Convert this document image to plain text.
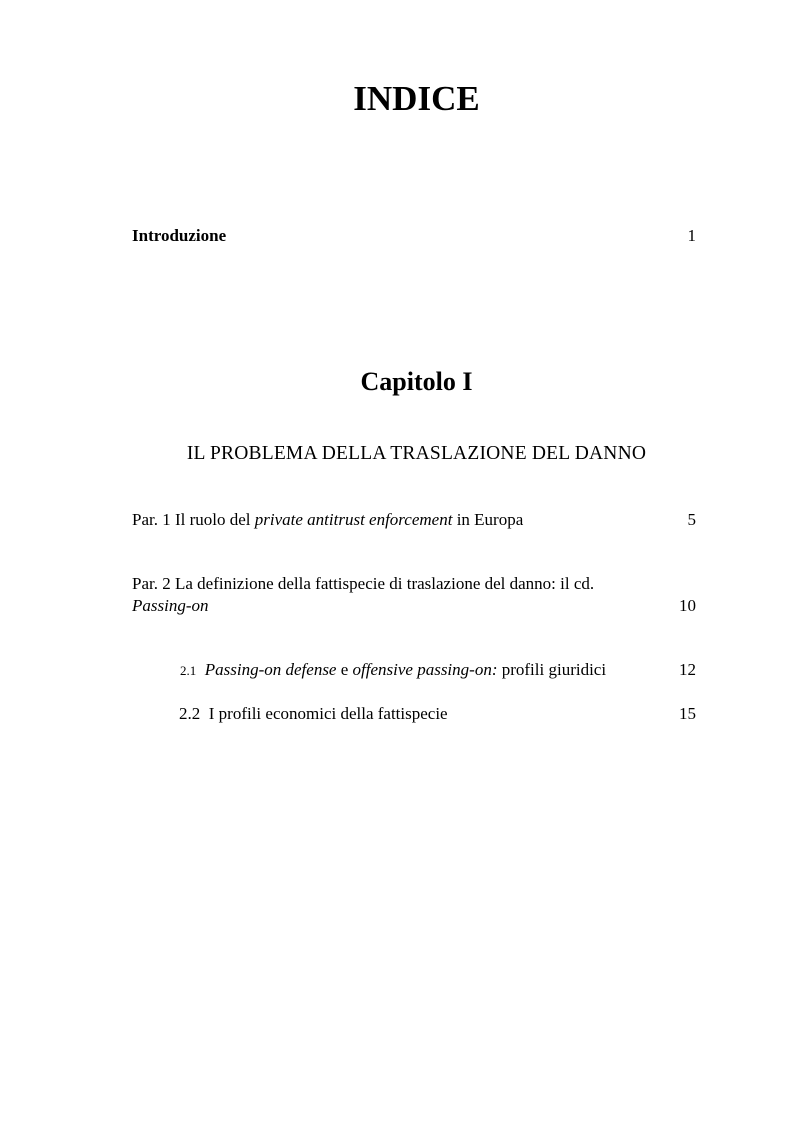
INDICE
Introduzione	1
Capitolo I
IL PROBLEMA DELLA TRASLAZIONE DEL DANNO
Par. 1 Il ruolo del private antitrust enforcement in Europa	5
Par. 2 La definizione della fattispecie di traslazione del danno: il cd.
Passing-on	10
2.1 Passing-on defense e offensive passing-on: profili giuridici	12
2.2  I profili economici della fattispecie	15
